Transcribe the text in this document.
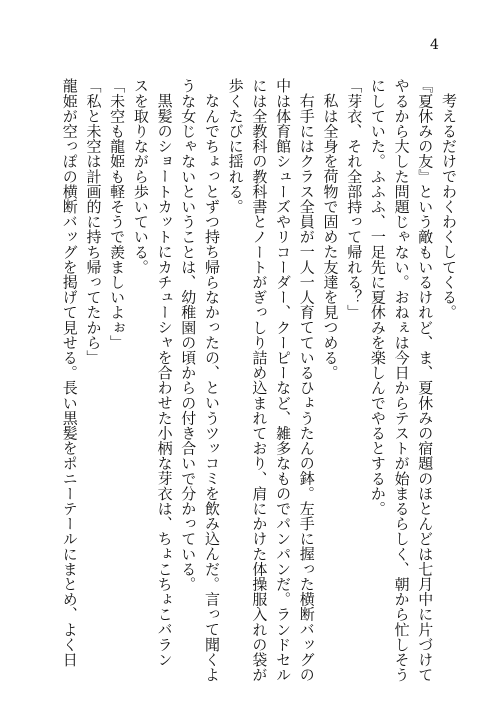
4
考えるだけでわくわくしてくる。
『夏休みの友』という敵もいるけれど、ま、夏休みの宿題のほとんどは七月中に片づけて
やるから大した問題じゃない。おねぇは今日からテストが始まるらしく、朝から忙しそう
にしていた。ふふふ、一足先に夏休みを楽しんでやるとするか。
「芽衣、それ全部持って帰れる？」
私は全身を荷物で固めた友達を見つめる。
右手にはクラス全員が一人一人育てているひょうたんの鉢。左手に握った横断バッグの
中は体育館シューズやリコーダー、クーピーなど、雑多なものでパンパンだ。ランドセル
には全教科の教科書とノートがぎっしり詰め込まれており、肩にかけた体操服入れの袋が
歩くたびに揺れる。
なんでちょっとずつ持ち帰らなかったの、というツッコミを飲み込んだ。言って聞くよ
うな女じゃないということは、幼稚園の頃からの付き合いで分かっている。
黒髪のショートカットにカチューシャを合わせた小柄な芽衣は、ちょこちょこバラン
スを取りながら歩いている。
「未空も龍姫も軽そうで羨ましいよぉ」
「私と未空は計画的に持ち帰ってたから」
龍姫が空っぽの横断バッグを掲げて見せる。長い黒髪をポニーテールにまとめ、よく日
